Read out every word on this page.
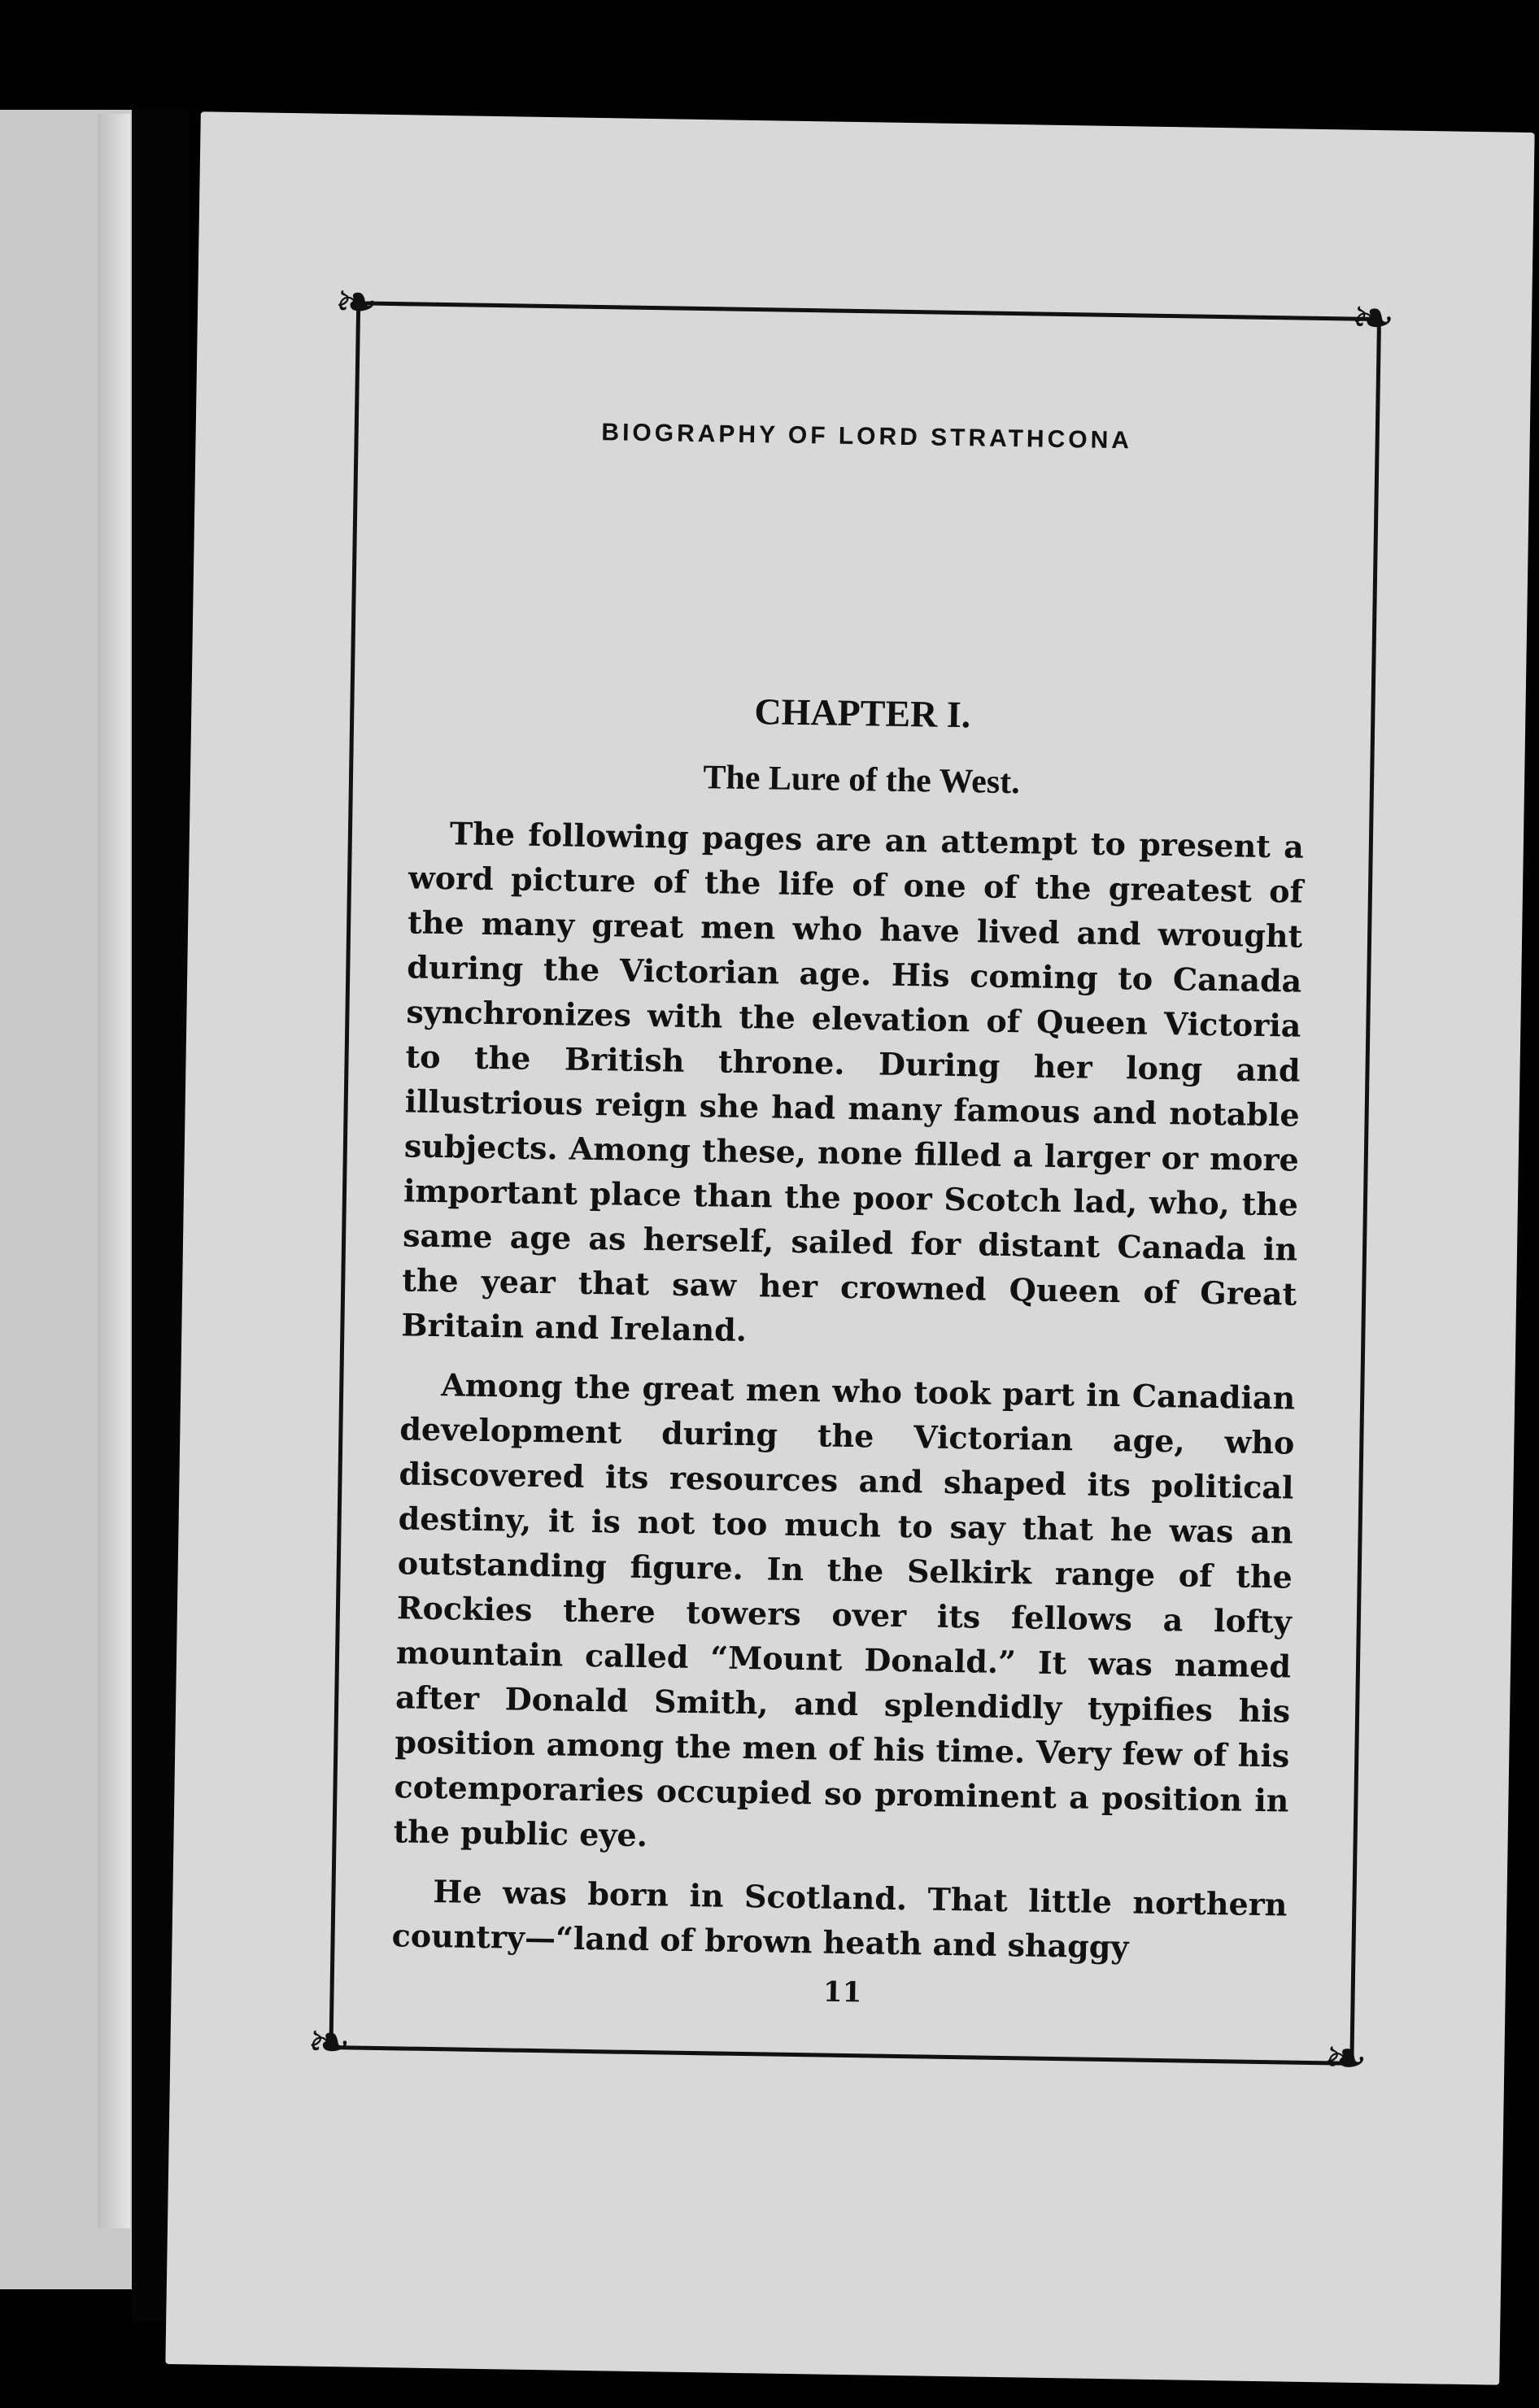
❧	❧
❧	❧
BIOGRAPHY OF LORD STRATHCONA
CHAPTER I.
The Lure of the West.

The following pages are an attempt to present a word picture of the life of one of the greatest of the many great men who have lived and wrought during the Victorian age. His coming to Canada synchronizes with the elevation of Queen Victoria to the British throne. During her long and illustrious reign she had many famous and notable subjects. Among these, none filled a larger or more important place than the poor Scotch lad, who, the same age as herself, sailed for distant Canada in the year that saw her crowned Queen of Great Britain and Ireland.

Among the great men who took part in Canadian development during the Victorian age, who discovered its resources and shaped its political destiny, it is not too much to say that he was an outstanding figure. In the Selkirk range of the Rockies there towers over its fellows a lofty mountain called “Mount Donald.” It was named after Donald Smith, and splendidly typifies his position among the men of his time. Very few of his cotemporaries occupied so prominent a position in the public eye.

He was born in Scotland. That little northern country—“land of brown heath and shaggy

11
